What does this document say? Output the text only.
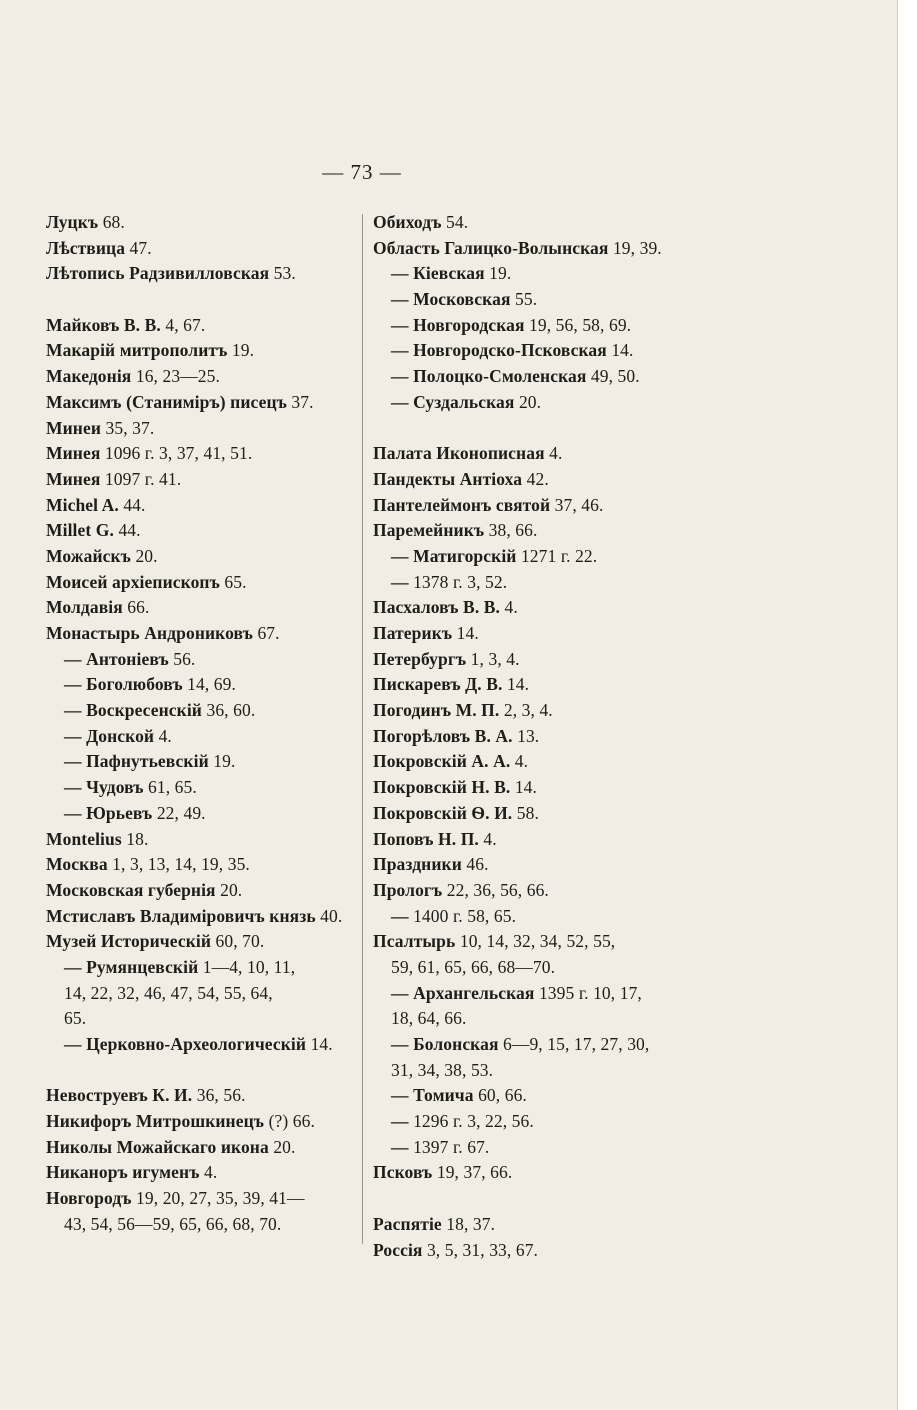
— 73 —
Луцкъ 68.
Лѣствица 47.
Лѣтопись Радзивилловская 53.
Майковъ В. В. 4, 67.
Макарій митрополитъ 19.
Македонія 16, 23—25.
Максимъ (Станиміръ) писецъ 37.
Минеи 35, 37.
Минея 1096 г. 3, 37, 41, 51.
Минея 1097 г. 41.
Michel A. 44.
Millet G. 44.
Можайскъ 20.
Моисей архіепископъ 65.
Молдавія 66.
Монастырь Андрониковъ 67.
— Антоніевъ 56.
— Боголюбовъ 14, 69.
— Воскресенскій 36, 60.
— Донской 4.
— Пафнутьевскій 19.
— Чудовъ 61, 65.
— Юрьевъ 22, 49.
Montelius 18.
Москва 1, 3, 13, 14, 19, 35.
Московская губернія 20.
Мстиславъ Владиміровичъ князь 40.
Музей Историческій 60, 70.
— Румянцевскій 1—4, 10, 11,
14, 22, 32, 46, 47, 54, 55, 64,
65.
— Церковно-Археологическій 14.
Невоструевъ К. И. 36, 56.
Никифоръ Митрошкинецъ (?) 66.
Николы Можайскаго икона 20.
Никаноръ игуменъ 4.
Новгородъ 19, 20, 27, 35, 39, 41—
43, 54, 56—59, 65, 66, 68, 70.
Обиходъ 54.
Область Галицко-Волынская 19, 39.
— Кіевская 19.
— Московская 55.
— Новгородская 19, 56, 58, 69.
— Новгородско-Псковская 14.
— Полоцко-Смоленская 49, 50.
— Суздальская 20.
Палата Иконописная 4.
Пандекты Антіоха 42.
Пантелеймонъ святой 37, 46.
Паремейникъ 38, 66.
— Матигорскій 1271 г. 22.
— 1378 г. 3, 52.
Пасхаловъ В. В. 4.
Патерикъ 14.
Петербургъ 1, 3, 4.
Пискаревъ Д. В. 14.
Погодинъ М. П. 2, 3, 4.
Погорѣловъ В. А. 13.
Покровскій А. А. 4.
Покровскій Н. В. 14.
Покровскій Ѳ. И. 58.
Поповъ Н. П. 4.
Праздники 46.
Прологъ 22, 36, 56, 66.
— 1400 г. 58, 65.
Псалтырь 10, 14, 32, 34, 52, 55,
59, 61, 65, 66, 68—70.
— Архангельская 1395 г. 10, 17,
18, 64, 66.
— Болонская 6—9, 15, 17, 27, 30,
31, 34, 38, 53.
— Томича 60, 66.
— 1296 г. 3, 22, 56.
— 1397 г. 67.
Псковъ 19, 37, 66.
Распятіе 18, 37.
Россія 3, 5, 31, 33, 67.
